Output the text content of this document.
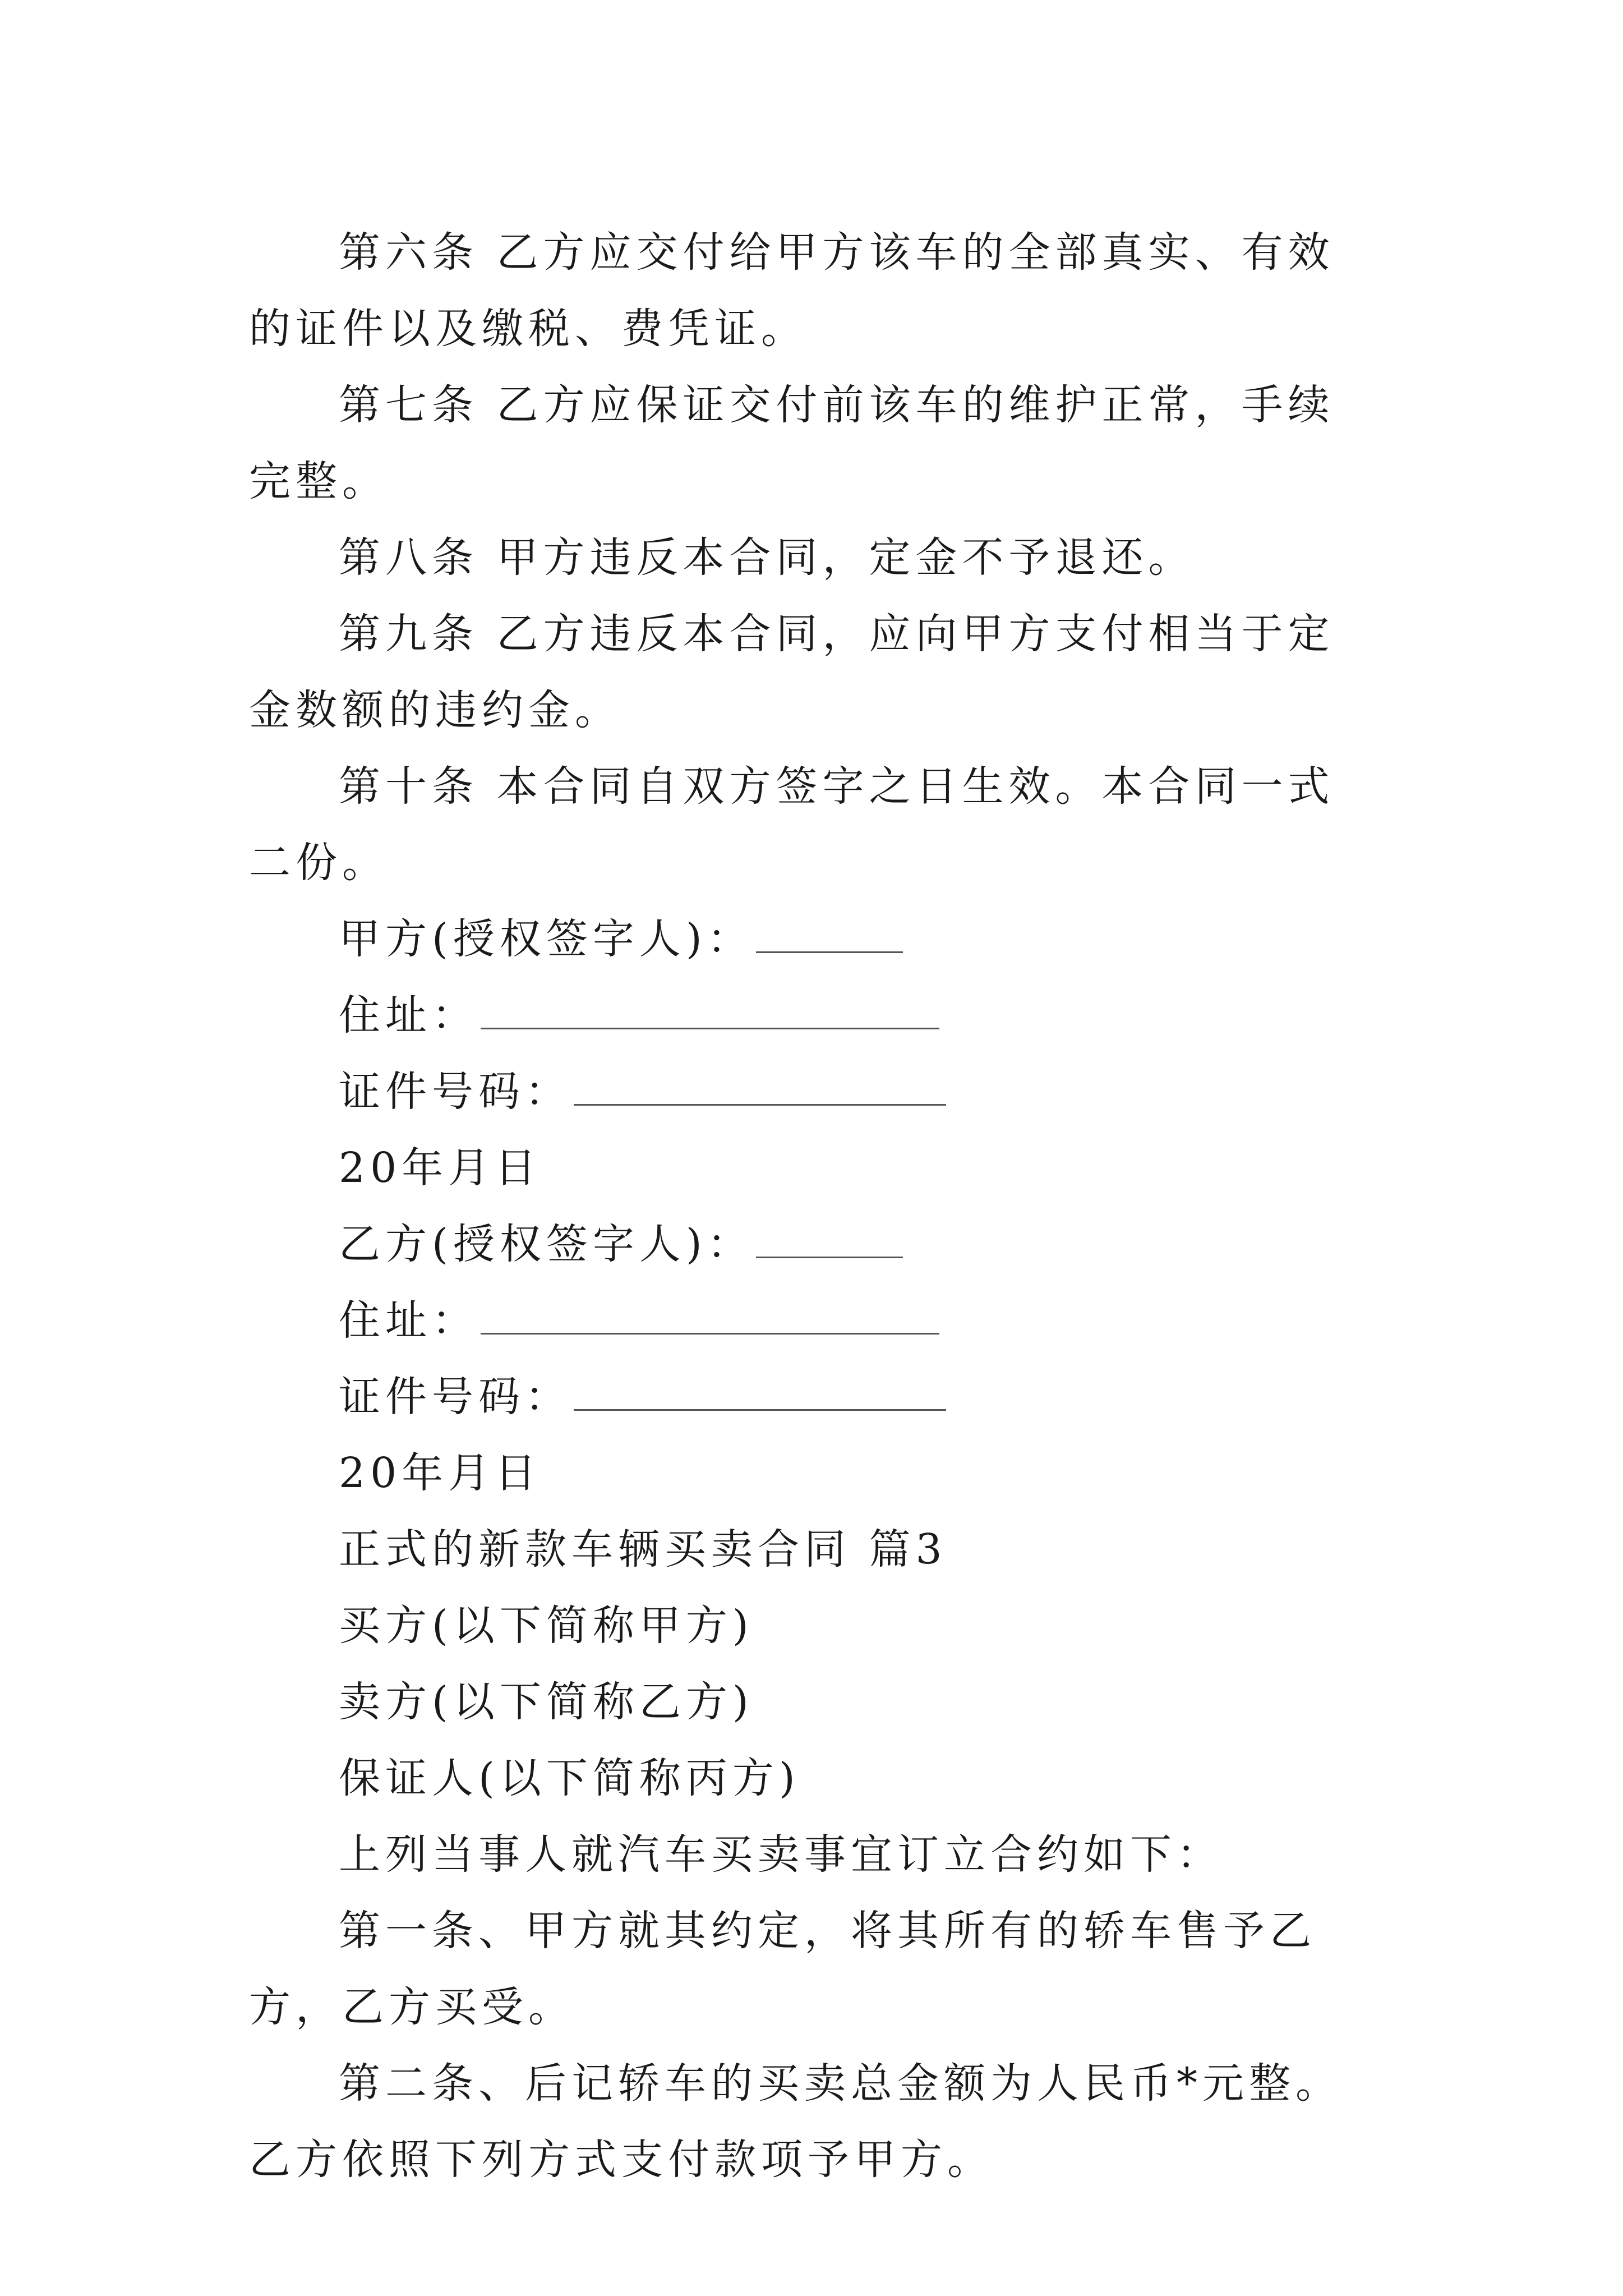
第六条 乙方应交付给甲方该车的全部真实、有效的证件以及缴税、费凭证。

第七条 乙方应保证交付前该车的维护正常，手续完整。

第八条 甲方违反本合同，定金不予退还。

第九条 乙方违反本合同，应向甲方支付相当于定金数额的违约金。

第十条 本合同自双方签字之日生效。本合同一式二份。

甲方(授权签字人)：

住址：

证件号码：

20年月日

乙方(授权签字人)：

住址：

证件号码：

20年月日

正式的新款车辆买卖合同 篇3

买方(以下简称甲方)

卖方(以下简称乙方)

保证人(以下简称丙方)

上列当事人就汽车买卖事宜订立合约如下：

第一条、甲方就其约定，将其所有的轿车售予乙方，乙方买受。

第二条、后记轿车的买卖总金额为人民币*元整。乙方依照下列方式支付款项予甲方。
